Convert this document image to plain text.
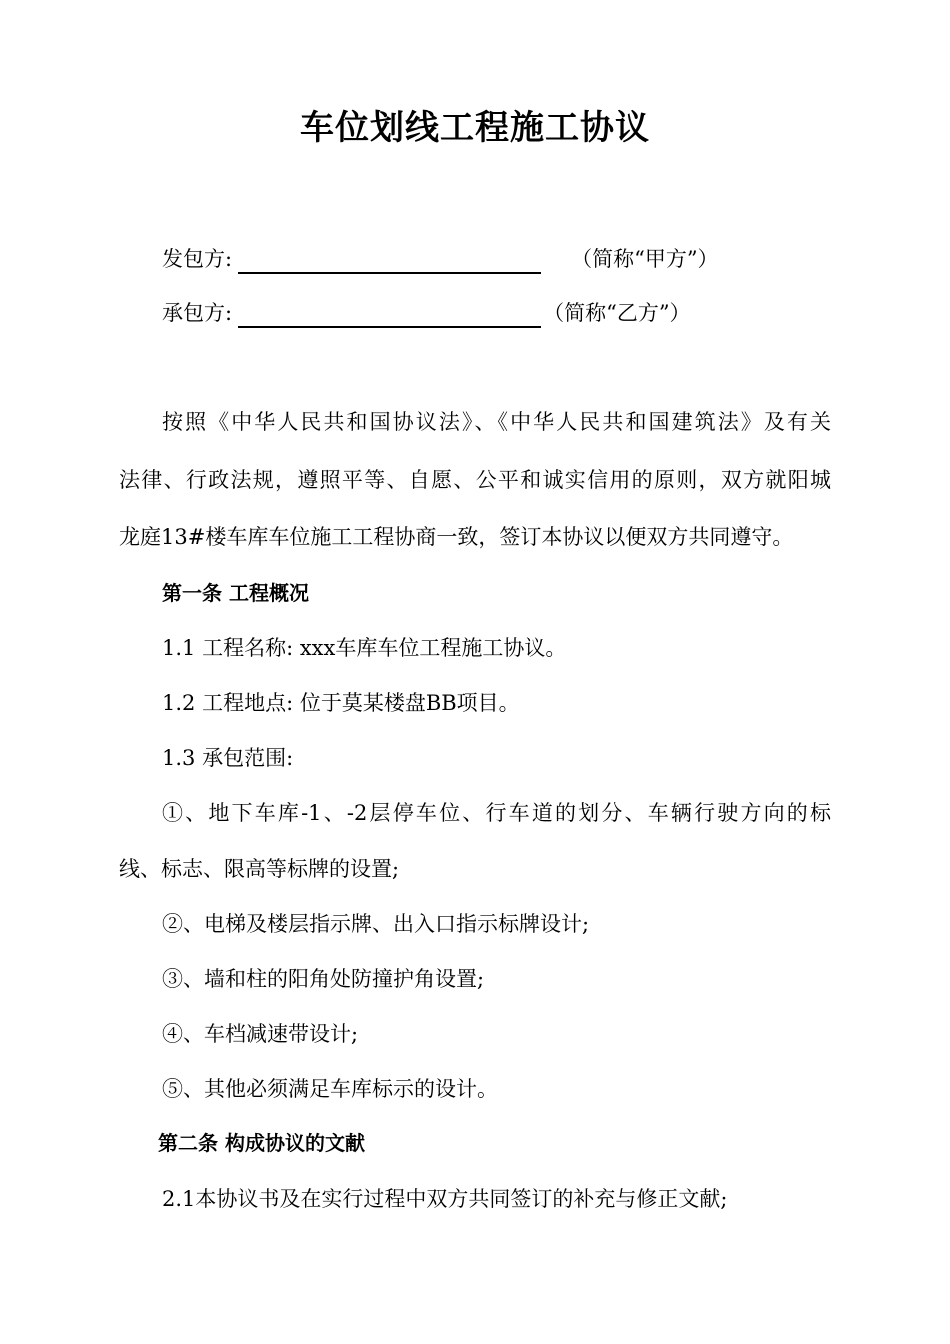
车位划线工程施工协议
发包方:	（简称“甲方”）
承包方:	（简称“乙方”）
按照《中华人民共和国协议法》、《中华人民共和国建筑法》及有关
法律、行政法规，遵照平等、自愿、公平和诚实信用的原则，双方就阳城
龙庭13#楼车库车位施工工程协商一致，签订本协议以便双方共同遵守。
第一条 工程概况
1.1 工程名称: xxx车库车位工程施工协议。
1.2 工程地点: 位于莫某楼盘BB项目。
1.3 承包范围:
①、地下车库-1、-2层停车位、行车道的划分、车辆行驶方向的标
线、标志、限高等标牌的设置;
②、电梯及楼层指示牌、出入口指示标牌设计;
③、墙和柱的阳角处防撞护角设置;
④、车档减速带设计;
⑤、其他必须满足车库标示的设计。
第二条 构成协议的文献
2.1本协议书及在实行过程中双方共同签订的补充与修正文献;
